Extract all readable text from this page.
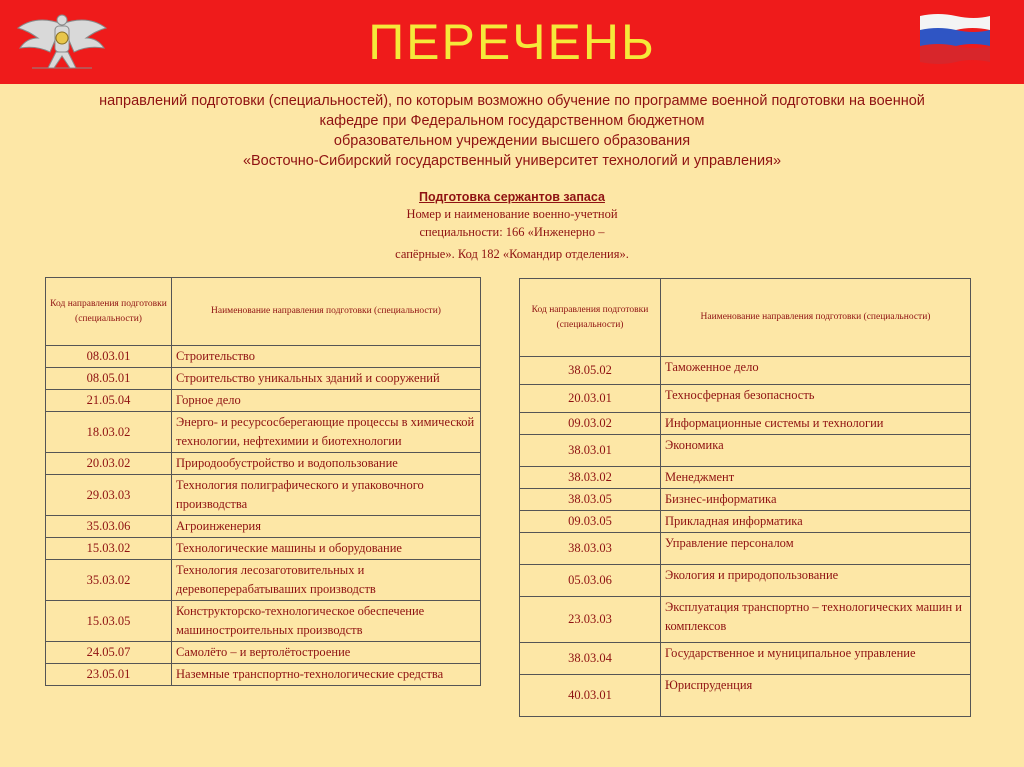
ПЕРЕЧЕНЬ
направлений подготовки (специальностей), по которым возможно обучение по программе военной подготовки на военной
кафедре при Федеральном государственном бюджетном
образовательном учреждении высшего образования
«Восточно-Сибирский государственный университет технологий и управления»
Подготовка сержантов запаса
Номер и наименование военно-учетной
специальности: 166 «Инженерно –
сапёрные». Код 182 «Командир отделения».
Код направления подготовки (специальности)	Наименование направления подготовки (специальности)
08.03.01	Строительство
08.05.01	Строительство уникальных зданий и сооружений
21.05.04	Горное дело
18.03.02	Энерго- и ресурсосберегающие процессы в химической технологии, нефтехимии и биотехнологии
20.03.02	Природообустройство и водопользование
29.03.03	Технология полиграфического и упаковочного производства
35.03.06	Агроинженерия
15.03.02	Технологические машины и оборудование
35.03.02	Технология лесозаготовительных и деревоперерабатываших производств
15.03.05	Конструкторско-технологическое обеспечение машиностроительных производств
24.05.07	Самолёто – и вертолётостроение
23.05.01	Наземные транспортно-технологические средства
Код направления подготовки (специальности)	Наименование направления подготовки (специальности)
38.05.02	Таможенное дело
20.03.01	Техносферная безопасность
09.03.02	Информационные системы и технологии
38.03.01	Экономика
38.03.02	Менеджмент
38.03.05	Бизнес-информатика
09.03.05	Прикладная информатика
38.03.03	Управление персоналом
05.03.06	Экология и природопользование
23.03.03	Эксплуатация транспортно – технологических машин и комплексов
38.03.04	Государственное и муниципальное управление
40.03.01	Юриспруденция
